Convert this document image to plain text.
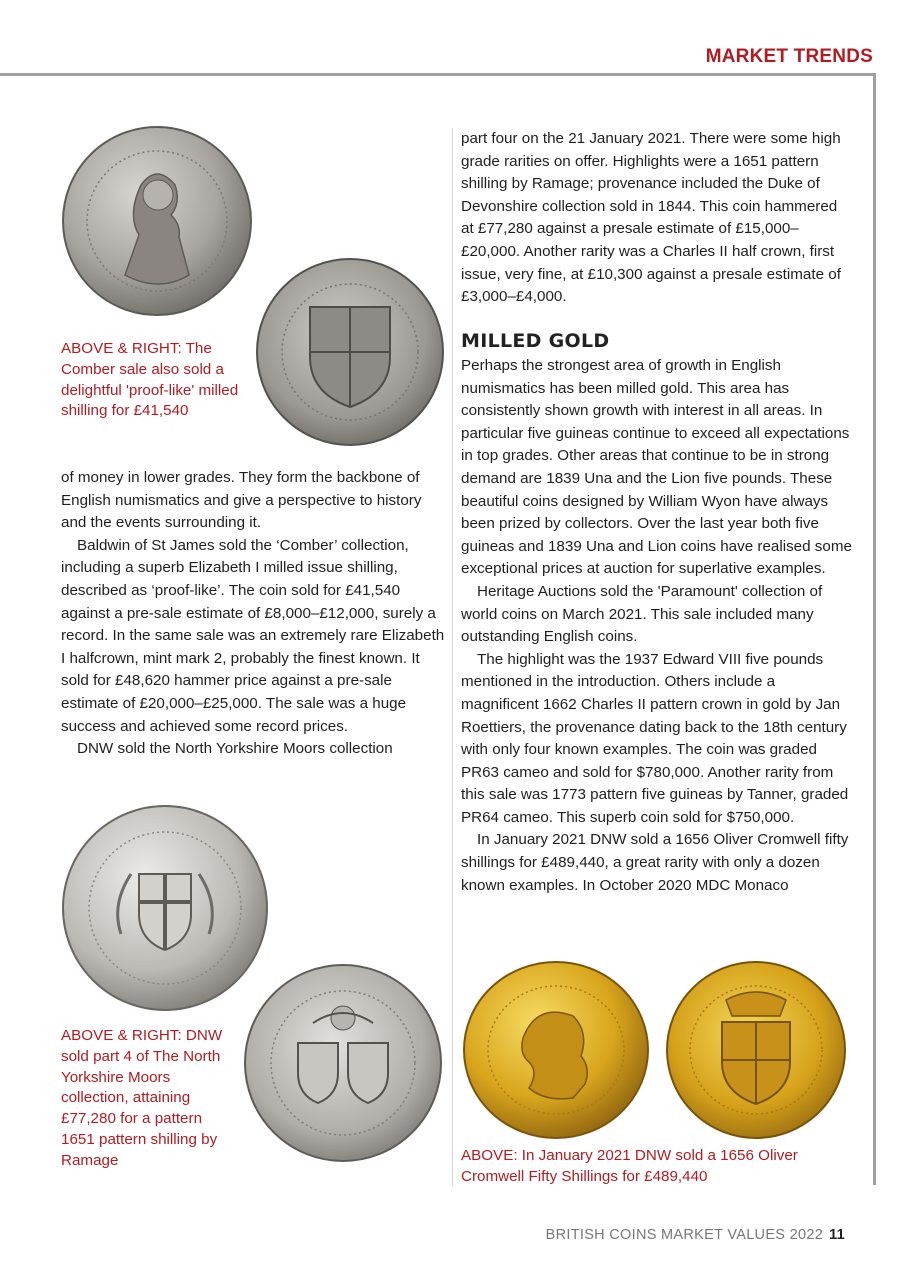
MARKET TRENDS
ABOVE & RIGHT: The Comber sale also sold a delightful 'proof-like' milled shilling for £41,540

of money in lower grades. They form the backbone of English numismatics and give a perspective to history and the events surrounding it.

Baldwin of St James sold the ‘Comber’ collection, including a superb Elizabeth I milled issue shilling, described as ‘proof-like’. The coin sold for £41,540 against a pre-sale estimate of £8,000–£12,000, surely a record. In the same sale was an extremely rare Elizabeth I halfcrown, mint mark 2, probably the finest known. It sold for £48,620 hammer price against a pre-sale estimate of £20,000–£25,000. The sale was a huge success and achieved some record prices.

DNW sold the North Yorkshire Moors collection

ABOVE & RIGHT: DNW sold part 4 of The North Yorkshire Moors collection, attaining £77,280 for a pattern 1651 pattern shilling by Ramage

part four on the 21 January 2021. There were some high grade rarities on offer. Highlights were a 1651 pattern shilling by Ramage; provenance included the Duke of Devonshire collection sold in 1844. This coin hammered at £77,280 against a presale estimate of £15,000–£20,000. Another rarity was a Charles II half crown, first issue, very fine, at £10,300 against a presale estimate of £3,000–£4,000.

MILLED GOLD

Perhaps the strongest area of growth in English numismatics has been milled gold. This area has consistently shown growth with interest in all areas. In particular five guineas continue to exceed all expectations in top grades. Other areas that continue to be in strong demand are 1839 Una and the Lion five pounds. These beautiful coins designed by William Wyon have always been prized by collectors. Over the last year both five guineas and 1839 Una and Lion coins have realised some exceptional prices at auction for superlative examples.

Heritage Auctions sold the 'Paramount' collection of world coins on March 2021. This sale included many outstanding English coins.

The highlight was the 1937 Edward VIII five pounds mentioned in the introduction. Others include a magnificent 1662 Charles II pattern crown in gold by Jan Roettiers, the provenance dating back to the 18th century with only four known examples. The coin was graded PR63 cameo and sold for $780,000. Another rarity from this sale was 1773 pattern five guineas by Tanner, graded PR64 cameo. This superb coin sold for $750,000.

In January 2021 DNW sold a 1656 Oliver Cromwell fifty shillings for £489,440, a great rarity with only a dozen known examples. In October 2020 MDC Monaco

ABOVE: In January 2021 DNW sold a 1656 Oliver Cromwell Fifty Shillings for £489,440
BRITISH COINS MARKET VALUES 2022 11
